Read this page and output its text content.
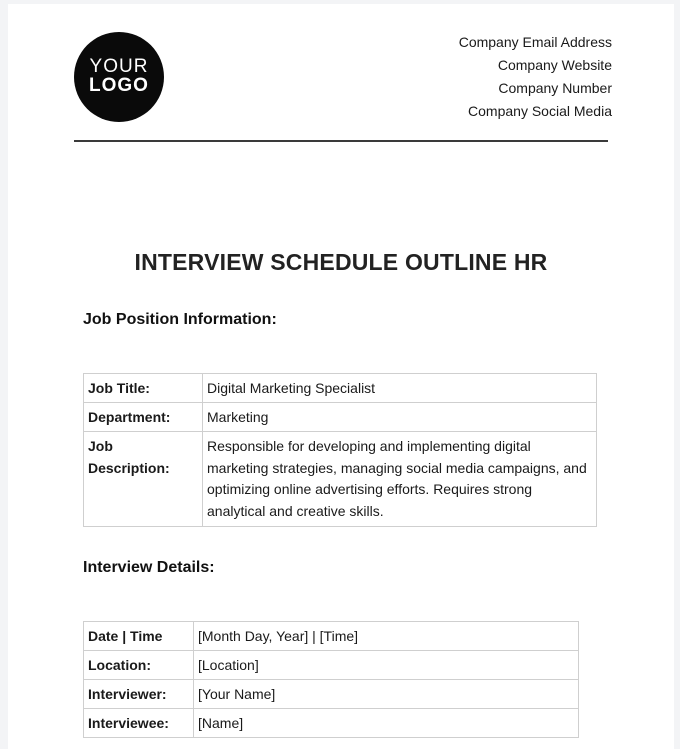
YOUR
LOGO
Company Email Address
Company Website
Company Number
Company Social Media
INTERVIEW SCHEDULE OUTLINE HR
Job Position Information:
Job Title:	Digital Marketing Specialist
Department:	Marketing
Job Description:	Responsible for developing and implementing digital marketing strategies, managing social media campaigns, and optimizing online advertising efforts. Requires strong analytical and creative skills.
Interview Details:
Date | Time	[Month Day, Year] | [Time]
Location:	[Location]
Interviewer:	[Your Name]
Interviewee:	[Name]
